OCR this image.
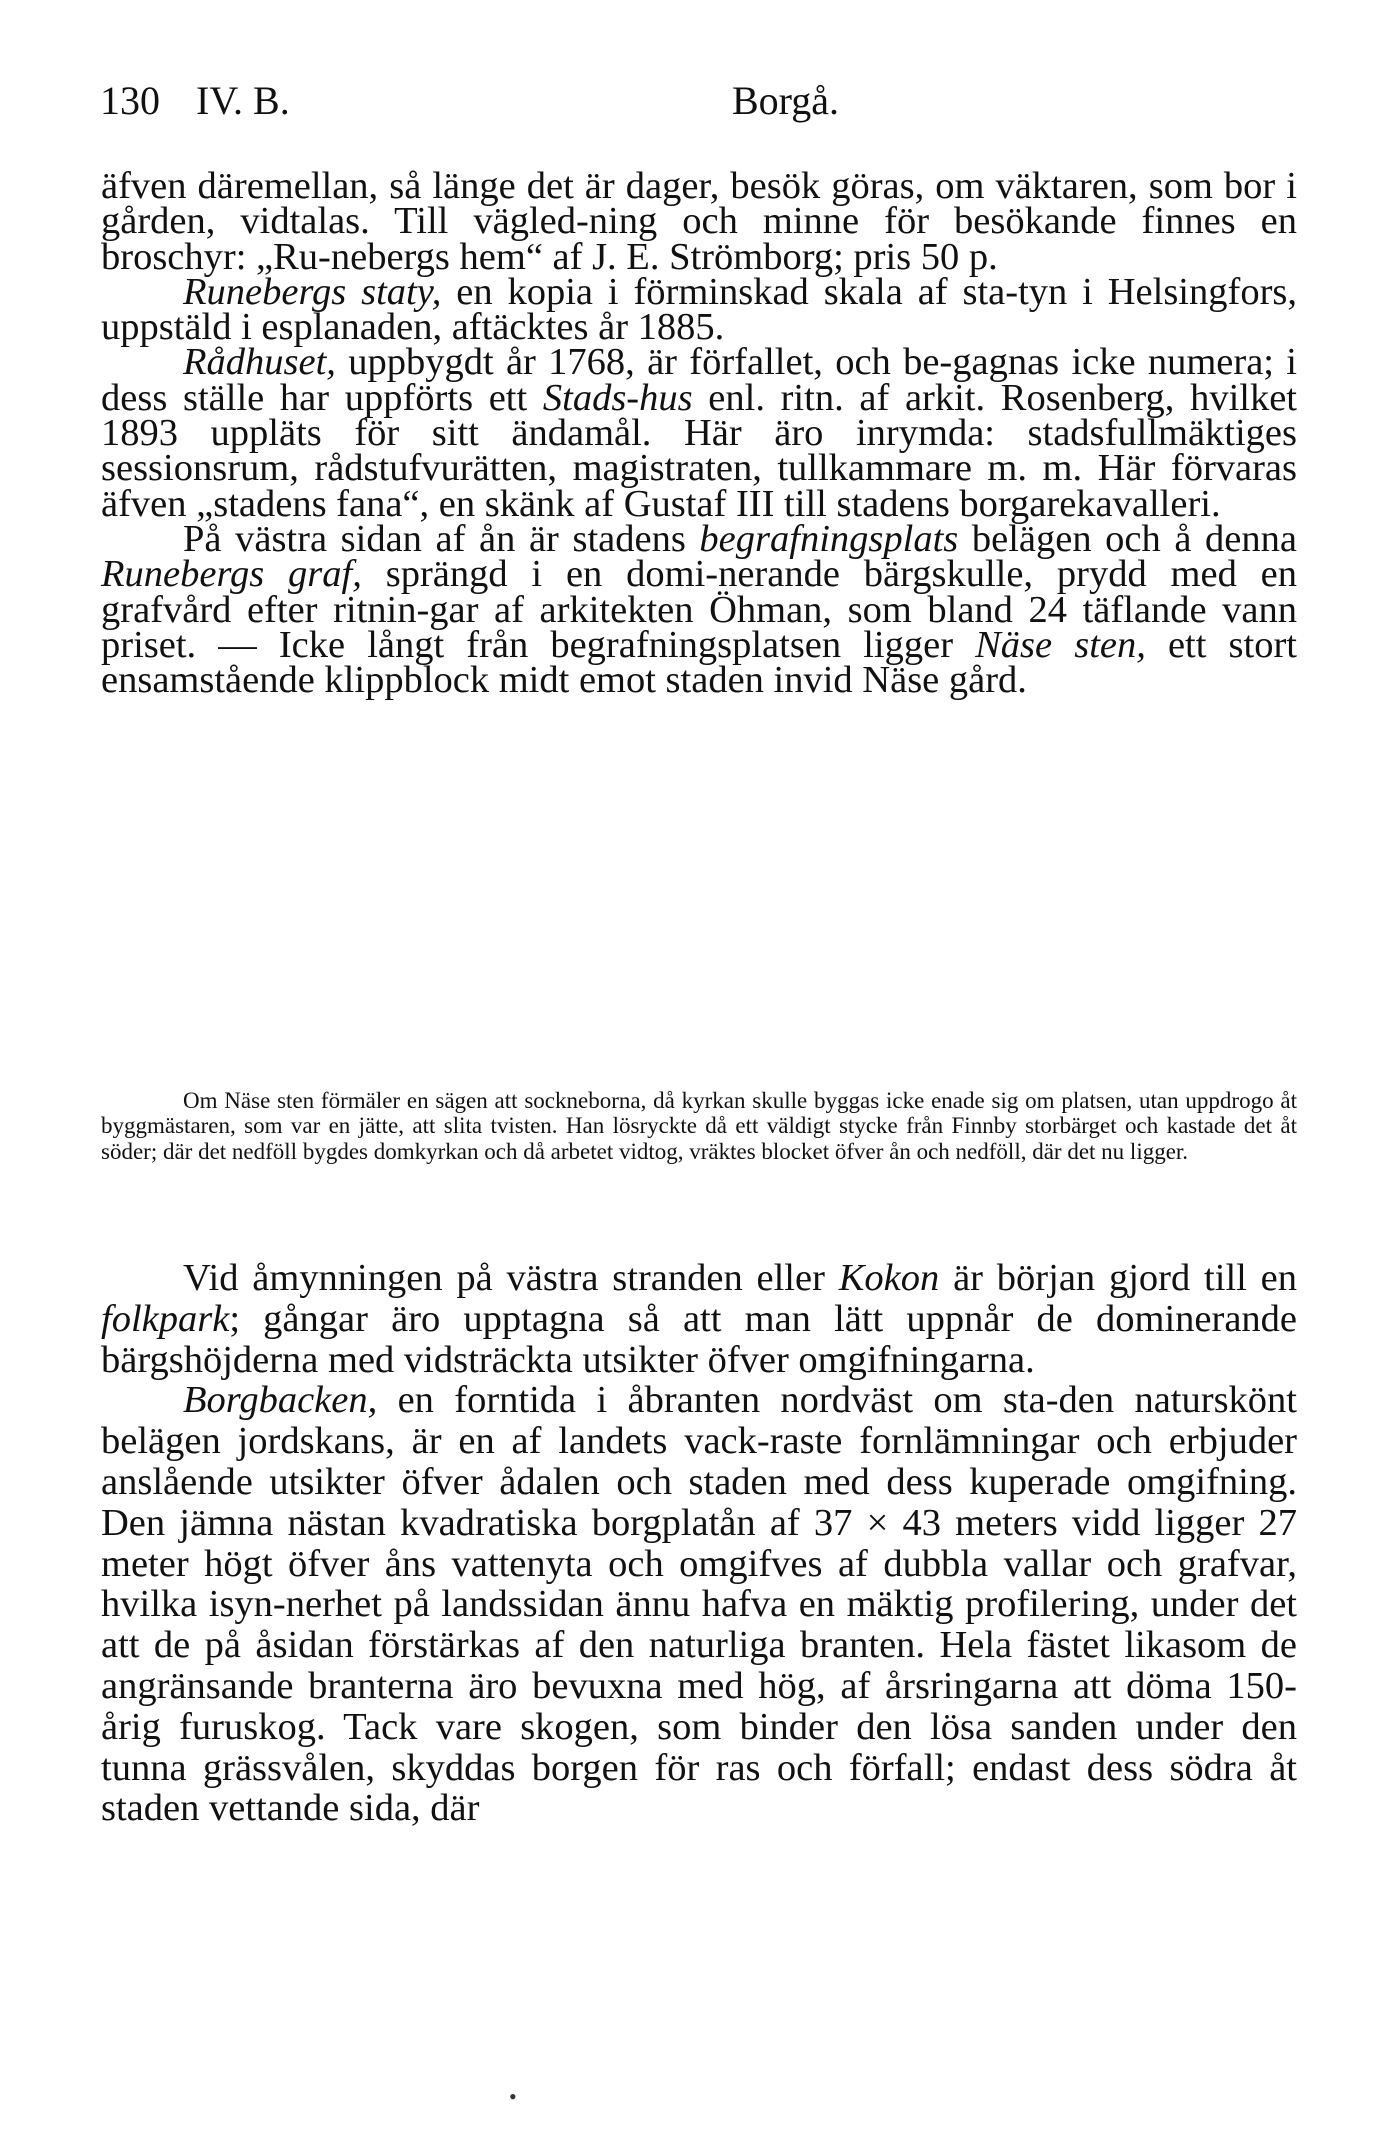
130 IV. B.	Borgå.

äfven däremellan, så länge det är dager, besök göras, om väktaren, som bor i gården, vidtalas. Till vägled-ning och minne för besökande finnes en broschyr: „Ru-nebergs hem“ af J. E. Strömborg; pris 50 p.

Runebergs staty, en kopia i förminskad skala af sta-tyn i Helsingfors, uppstäld i esplanaden, aftäcktes år 1885.

Rådhuset, uppbygdt år 1768, är förfallet, och be-gagnas icke numera; i dess ställe har uppförts ett Stads-hus enl. ritn. af arkit. Rosenberg, hvilket 1893 uppläts för sitt ändamål. Här äro inrymda: stadsfullmäktiges sessionsrum, rådstufvurätten, magistraten, tullkammare m. m. Här förvaras äfven „stadens fana“, en skänk af Gustaf III till stadens borgarekavalleri.

På västra sidan af ån är stadens begrafningsplats belägen och å denna Runebergs graf, sprängd i en domi-nerande bärgskulle, prydd med en grafvård efter ritnin-gar af arkitekten Öhman, som bland 24 täflande vann priset. — Icke långt från begrafningsplatsen ligger Näse sten, ett stort ensamstående klippblock midt emot staden invid Näse gård.

Om Näse sten förmäler en sägen att sockneborna, då kyrkan skulle byggas icke enade sig om platsen, utan uppdrogo åt byggmästaren, som var en jätte, att slita tvisten. Han lösryckte då ett väldigt stycke från Finnby storbärget och kastade det åt söder; där det nedföll bygdes domkyrkan och då arbetet vidtog, vräktes blocket öfver ån och nedföll, där det nu ligger.

Vid åmynningen på västra stranden eller Kokon är början gjord till en folkpark; gångar äro upptagna så att man lätt uppnår de dominerande bärgshöjderna med vidsträckta utsikter öfver omgifningarna.

Borgbacken, en forntida i åbranten nordväst om sta-den naturskönt belägen jordskans, är en af landets vack-raste fornlämningar och erbjuder anslående utsikter öfver ådalen och staden med dess kuperade omgifning. Den jämna nästan kvadratiska borgplatån af 37 × 43 meters vidd ligger 27 meter högt öfver åns vattenyta och omgifves af dubbla vallar och grafvar, hvilka isyn-nerhet på landssidan ännu hafva en mäktig profilering, under det att de på åsidan förstärkas af den naturliga branten. Hela fästet likasom de angränsande branterna äro bevuxna med hög, af årsringarna att döma 150-årig furuskog. Tack vare skogen, som binder den lösa sanden under den tunna grässvålen, skyddas borgen för ras och förfall; endast dess södra åt staden vettande sida, där

•
